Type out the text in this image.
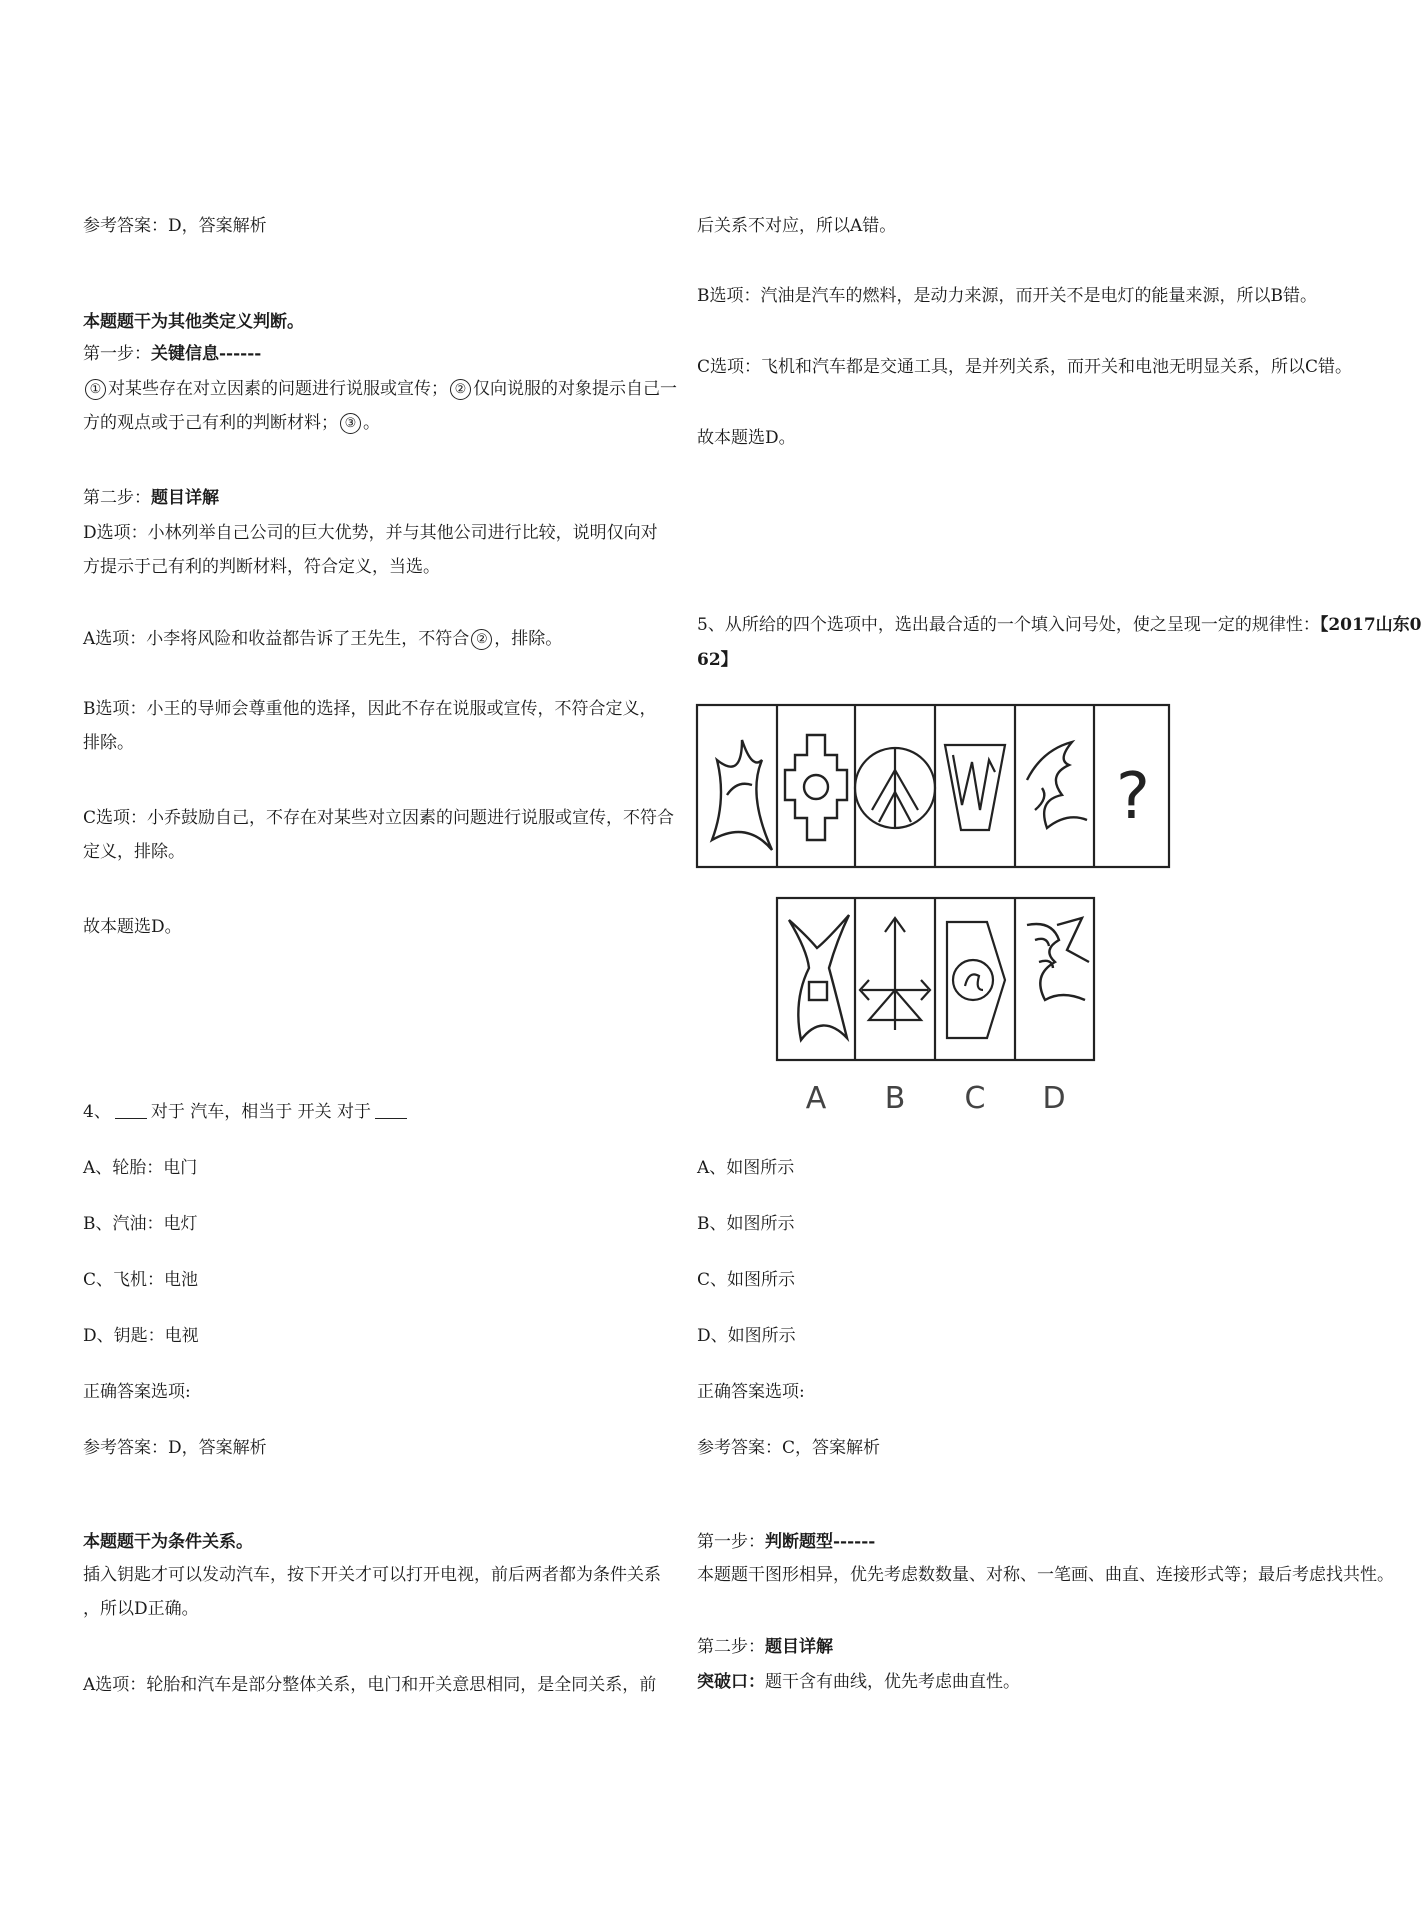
参考答案：D，答案解析
本题题干为其他类定义判断。
第一步：关键信息------
① 对某些存在对立因素的问题进行说服或宣传； ② 仅向说服的对象提示自己一
方的观点或于己有利的判断材料； ③ 。
第二步：题目详解
D选项：小林列举自己公司的巨大优势，并与其他公司进行比较，说明仅向对
方提示于己有利的判断材料，符合定义，当选。
A选项：小李将风险和收益都告诉了王先生，不符合 ② ，排除。
B选项：小王的导师会尊重他的选择，因此不存在说服或宣传，不符合定义，
排除。
C选项：小乔鼓励自己，不存在对某些对立因素的问题进行说服或宣传，不符合
定义，排除。
故本题选D。
4、 对于 汽车，相当于 开关 对于
A、轮胎：电门
B、汽油：电灯
C、飞机：电池
D、钥匙：电视
正确答案选项:
参考答案：D，答案解析
本题题干为条件关系。
插入钥匙才可以发动汽车，按下开关才可以打开电视，前后两者都为条件关系
，所以D正确。
A选项：轮胎和汽车是部分整体关系，电门和开关意思相同，是全同关系，前
后关系不对应，所以A错。
B选项：汽油是汽车的燃料，是动力来源，而开关不是电灯的能量来源，所以B错。
C选项：飞机和汽车都是交通工具，是并列关系，而开关和电池无明显关系，所以C错。
故本题选D。
5、从所给的四个选项中，选出最合适的一个填入问号处，使之呈现一定的规律性：【2017山东0
62】
?
A B C D
A、如图所示
B、如图所示
C、如图所示
D、如图所示
正确答案选项:
参考答案：C，答案解析
第一步：判断题型------
本题题干图形相异，优先考虑数数量、对称、一笔画、曲直、连接形式等；最后考虑找共性。
第二步：题目详解
突破口：题干含有曲线，优先考虑曲直性。
